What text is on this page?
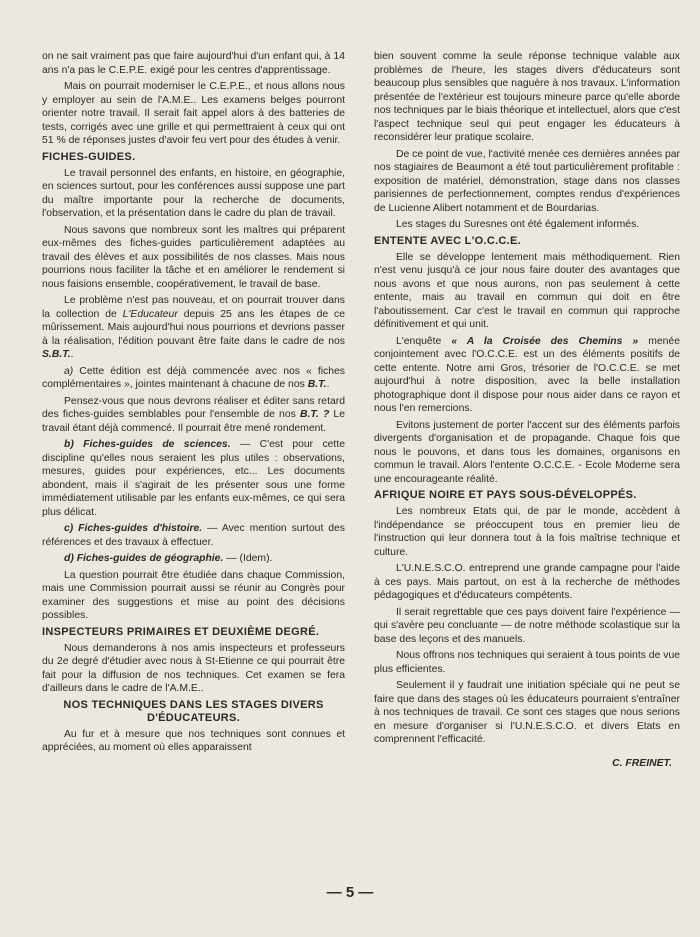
on ne sait vraiment pas que faire aujourd'hui d'un enfant qui, à 14 ans n'a pas le C.E.P.E. exigé pour les centres d'apprentissage.

Mais on pourrait moderniser le C.E.P.E., et nous allons nous y employer au sein de l'A.M.E.. Les examens belges pourront orienter notre travail. Il serait fait appel alors à des batteries de tests, corrigés avec une grille et qui permettraient à ceux qui ont 51 % de réponses justes d'avoir feu vert pour des études à venir.

FICHES-GUIDES.

Le travail personnel des enfants, en histoire, en géographie, en sciences surtout, pour les conférences aussi suppose une part du maître importante pour la recherche de documents, l'observation, et la présentation dans le cadre du plan de travail.

Nous savons que nombreux sont les maîtres qui préparent eux-mêmes des fiches-guides particulièrement adaptées au travail des élèves et aux possibilités de nos classes. Mais nous pourrions nous faciliter la tâche et en améliorer le rendement si nous faisions ensemble, coopérativement, le travail de base.

Le problème n'est pas nouveau, et on pourrait trouver dans la collection de L'Educateur depuis 25 ans les étapes de ce mûrissement. Mais aujourd'hui nous pourrions et devrions passer à la réalisation, l'édition pouvant être faite dans le cadre de nos S.B.T..

a) Cette édition est déjà commencée avec nos « fiches complémentaires », jointes maintenant à chacune de nos B.T..

Pensez-vous que nous devrons réaliser et éditer sans retard des fiches-guides semblables pour l'ensemble de nos B.T. ? Le travail étant déjà commencé. Il pourrait être mené rondement.

b) Fiches-guides de sciences. — C'est pour cette discipline qu'elles nous seraient les plus utiles : observations, mesures, guides pour expériences, etc... Les documents abondent, mais il s'agirait de les présenter sous une forme immédiatement utilisable par les enfants eux-mêmes, ce qui sera plus délicat.

c) Fiches-guides d'histoire. — Avec mention surtout des références et des travaux à effectuer.

d) Fiches-guides de géographie. — (Idem).

La question pourrait être étudiée dans chaque Commission, mais une Commission pourrait aussi se réunir au Congrès pour examiner des suggestions et mise au point des décisions possibles.

INSPECTEURS PRIMAIRES ET DEUXIÈME DEGRÉ.

Nous demanderons à nos amis inspecteurs et professeurs du 2e degré d'étudier avec nous à St-Etienne ce qui pourrait être fait pour la diffusion de nos techniques. Cet examen se fera d'ailleurs dans le cadre de l'A.M.E..

NOS TECHNIQUES DANS LES STAGES DIVERS D'ÉDUCATEURS.

Au fur et à mesure que nos techniques sont connues et appréciées, au moment où elles apparaissent

bien souvent comme la seule réponse technique valable aux problèmes de l'heure, les stages divers d'éducateurs sont beaucoup plus sensibles que naguère à nos travaux. L'information présentée de l'extérieur est toujours mineure parce qu'elle aborde nos techniques par le biais théorique et intellectuel, alors que c'est l'aspect technique seul qui peut engager les éducateurs à reconsidérer leur pratique scolaire.

De ce point de vue, l'activité menée ces dernières années par nos stagiaires de Beaumont a été tout particulièrement profitable : exposition de matériel, démonstration, stage dans nos classes parisiennes de perfectionnement, comptes rendus d'expériences de Lucienne Alibert notamment et de Bourdarias.

Les stages du Suresnes ont été également informés.

ENTENTE AVEC L'O.C.C.E.

Elle se développe lentement mais méthodiquement. Rien n'est venu jusqu'à ce jour nous faire douter des avantages que nous avons et que nous aurons, non pas seulement à cette entente, mais au travail en commun qui doit en être l'aboutissement. Car c'est le travail en commun qui rapproche définitivement et qui unit.

L'enquête « A la Croisée des Chemins » menée conjointement avec l'O.C.C.E. est un des éléments positifs de cette entente. Notre ami Gros, trésorier de l'O.C.C.E. se met aujourd'hui à notre disposition, avec la belle installation photographique dont il dispose pour nous aider dans ce rayon et nous l'en remercions.

Evitons justement de porter l'accent sur des éléments parfois divergents d'organisation et de propagande. Chaque fois que nous le pouvons, et dans tous les domaines, organisons en commun le travail. Alors l'entente O.C.C.E. - Ecole Moderne sera une encourageante réalité.

AFRIQUE NOIRE ET PAYS SOUS-DÉVELOPPÉS.

Les nombreux Etats qui, de par le monde, accèdent à l'indépendance se préoccupent tous en premier lieu de l'instruction qui leur donnera tout à la fois maîtrise technique et culture.

L'U.N.E.S.C.O. entreprend une grande campagne pour l'aide à ces pays. Mais partout, on est à la recherche de méthodes pédagogiques et d'éducateurs compétents.

Il serait regrettable que ces pays doivent faire l'expérience — qui s'avère peu concluante — de notre méthode scolastique sur la base des leçons et des manuels.

Nous offrons nos techniques qui seraient à tous points de vue plus efficientes.

Seulement il y faudrait une initiation spéciale qui ne peut se faire que dans des stages où les éducateurs pourraient s'entraîner à nos techniques de travail. Ce sont ces stages que nous serions en mesure d'organiser si l'U.N.E.S.C.O. et divers Etats en comprennent l'efficacité.

C. FREINET.

— 5 —
